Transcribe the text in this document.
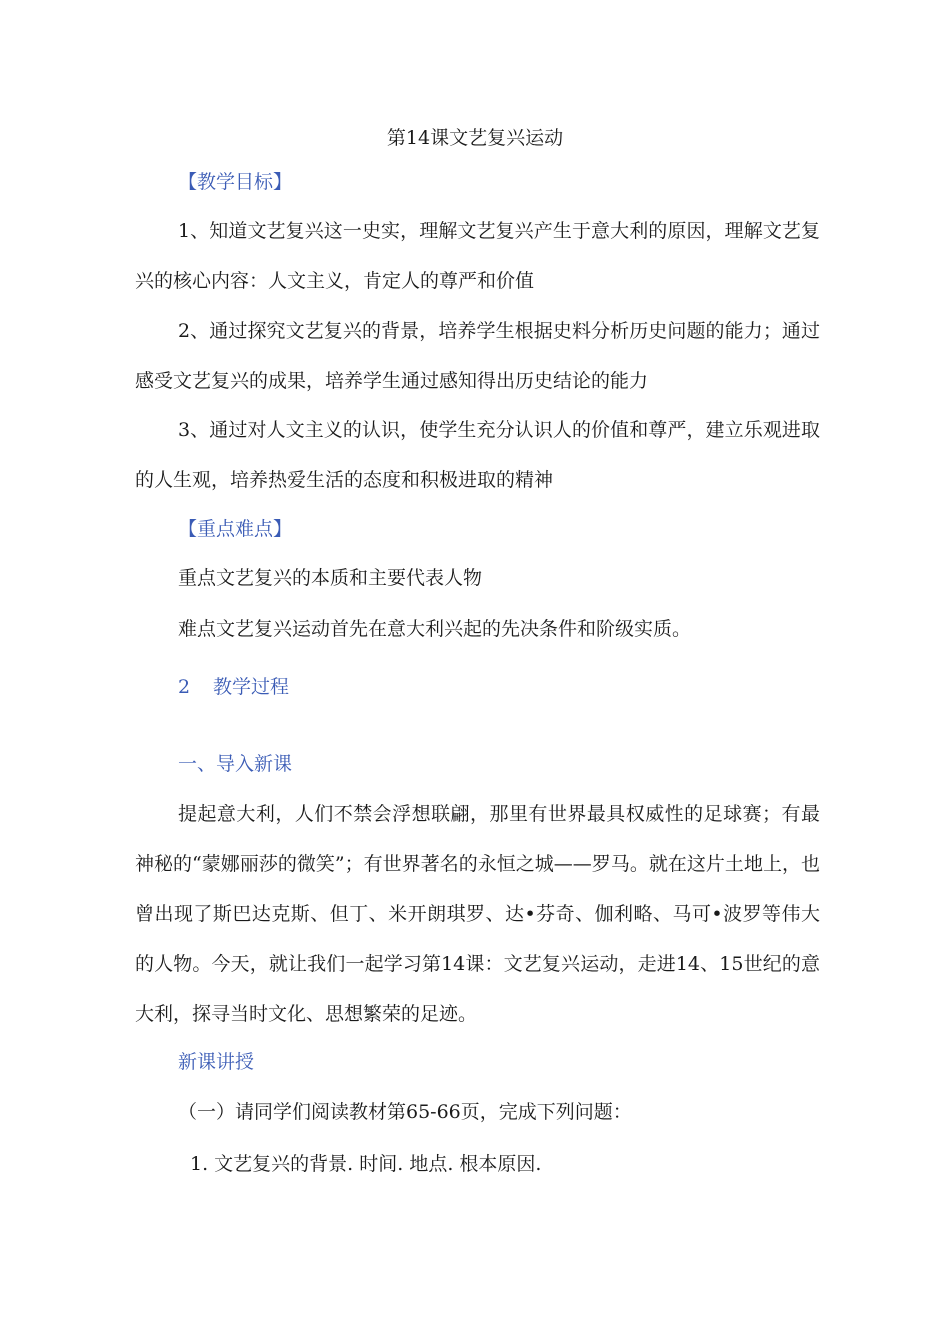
第14课文艺复兴运动
【教学目标】
1、知道文艺复兴这一史实，理解文艺复兴产生于意大利的原因，理解文艺复兴的核心内容：人文主义，肯定人的尊严和价值
2、通过探究文艺复兴的背景，培养学生根据史料分析历史问题的能力；通过感受文艺复兴的成果，培养学生通过感知得出历史结论的能力
3、通过对人文主义的认识，使学生充分认识人的价值和尊严，建立乐观进取的人生观，培养热爱生活的态度和积极进取的精神
【重点难点】
重点文艺复兴的本质和主要代表人物
难点文艺复兴运动首先在意大利兴起的先决条件和阶级实质。
2 教学过程
一、导入新课
提起意大利，人们不禁会浮想联翩，那里有世界最具权威性的足球赛；有最神秘的“蒙娜丽莎的微笑”；有世界著名的永恒之城——罗马。就在这片土地上，也曾出现了斯巴达克斯、但丁、米开朗琪罗、达•芬奇、伽利略、马可•波罗等伟大的人物。今天，就让我们一起学习第14课：文艺复兴运动，走进14、15世纪的意大利，探寻当时文化、思想繁荣的足迹。
新课讲授
（一）请同学们阅读教材第65-66页，完成下列问题：
1. 文艺复兴的背景. 时间. 地点. 根本原因.
